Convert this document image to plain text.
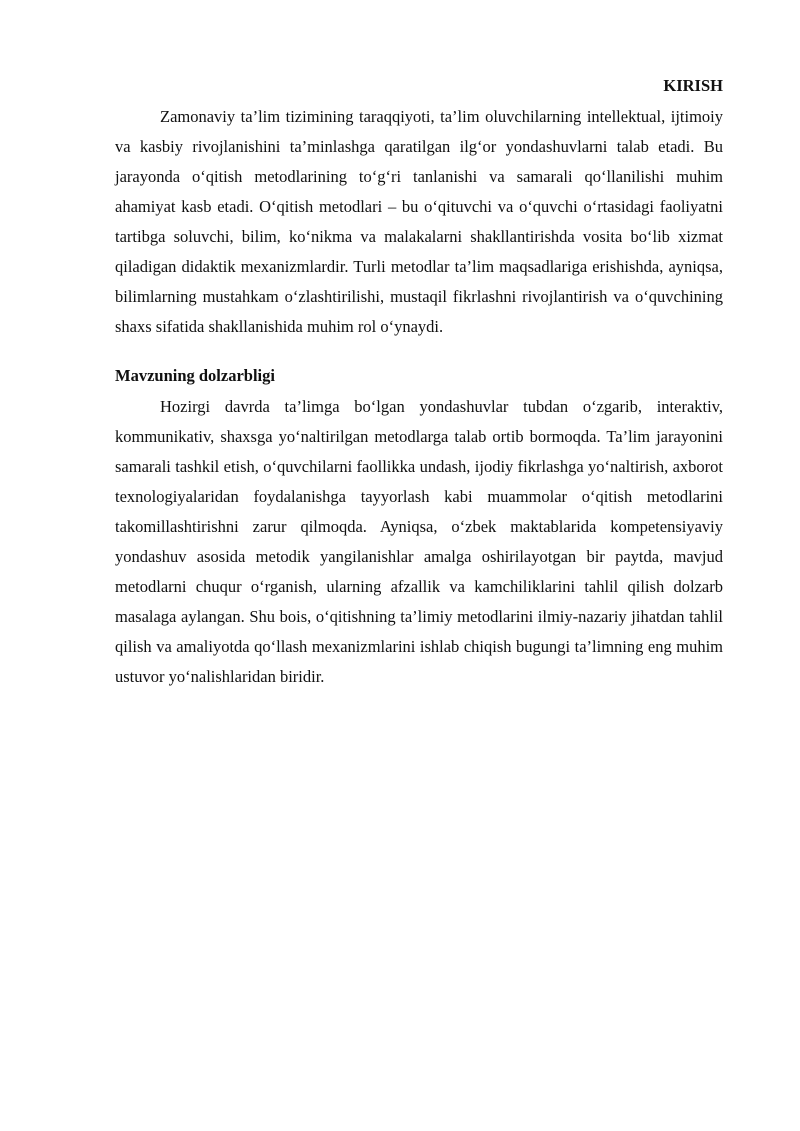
KIRISH

Zamonaviy ta’lim tizimining taraqqiyoti, ta’lim oluvchilarning intellektual, ijtimoiy va kasbiy rivojlanishini ta’minlashga qaratilgan ilg‘or yondashuvlarni talab etadi. Bu jarayonda o‘qitish metodlarining to‘g‘ri tanlanishi va samarali qo‘llanilishi muhim ahamiyat kasb etadi. O‘qitish metodlari – bu o‘qituvchi va o‘quvchi o‘rtasidagi faoliyatni tartibga soluvchi, bilim, ko‘nikma va malakalarni shakllantirishda vosita bo‘lib xizmat qiladigan didaktik mexanizmlardir. Turli metodlar ta’lim maqsadlariga erishishda, ayniqsa, bilimlarning mustahkam o‘zlashtirilishi, mustaqil fikrlashni rivojlantirish va o‘quvchining shaxs sifatida shakllanishida muhim rol o‘ynaydi.

Mavzuning dolzarbligi

Hozirgi davrda ta’limga bo‘lgan yondashuvlar tubdan o‘zgarib, interaktiv, kommunikativ, shaxsga yo‘naltirilgan metodlarga talab ortib bormoqda. Ta’lim jarayonini samarali tashkil etish, o‘quvchilarni faollikka undash, ijodiy fikrlashga yo‘naltirish, axborot texnologiyalaridan foydalanishga tayyorlash kabi muammolar o‘qitish metodlarini takomillashtirishni zarur qilmoqda. Ayniqsa, o‘zbek maktablarida kompetensiyaviy yondashuv asosida metodik yangilanishlar amalga oshirilayotgan bir paytda, mavjud metodlarni chuqur o‘rganish, ularning afzallik va kamchiliklarini tahlil qilish dolzarb masalaga aylangan. Shu bois, o‘qitishning ta’limiy metodlarini ilmiy-nazariy jihatdan tahlil qilish va amaliyotda qo‘llash mexanizmlarini ishlab chiqish bugungi ta’limning eng muhim ustuvor yo‘nalishlaridan biridir.
